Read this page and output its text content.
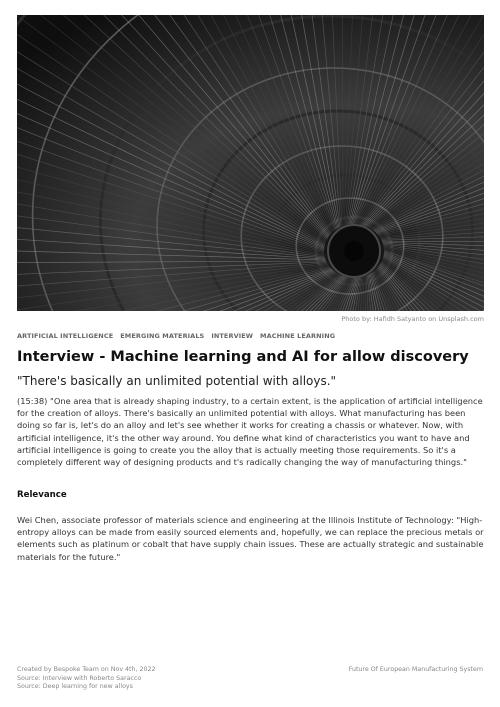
Photo by: Hafidh Satyanto on Unsplash.com
ARTIFICIAL INTELLIGENCE EMERGING MATERIALS INTERVIEW MACHINE LEARNING
Interview - Machine learning and AI for allow discovery

"There's basically an unlimited potential with alloys."

(15:38) "One area that is already shaping industry, to a certain extent, is the application of artificial intelligence for the creation of alloys. There's basically an unlimited potential with alloys. What manufacturing has been doing so far is, let's do an alloy and let's see whether it works for creating a chassis or whatever. Now, with artificial intelligence, it's the other way around. You define what kind of characteristics you want to have and artificial intelligence is going to create you the alloy that is actually meeting those requirements. So it's a completely different way of designing products and t's radically changing the way of manufacturing things."

Relevance

Wei Chen, associate professor of materials science and engineering at the Illinois Institute of Technology: "High-entropy alloys can be made from easily sourced elements and, hopefully, we can replace the precious metals or elements such as platinum or cobalt that have supply chain issues. These are actually strategic and sustainable materials for the future."

Created by Bespoke Team on Nov 4th, 2022
Source: Interview with Roberto Saracco
Source: Deep learning for new alloys
Future Of European Manufacturing System
